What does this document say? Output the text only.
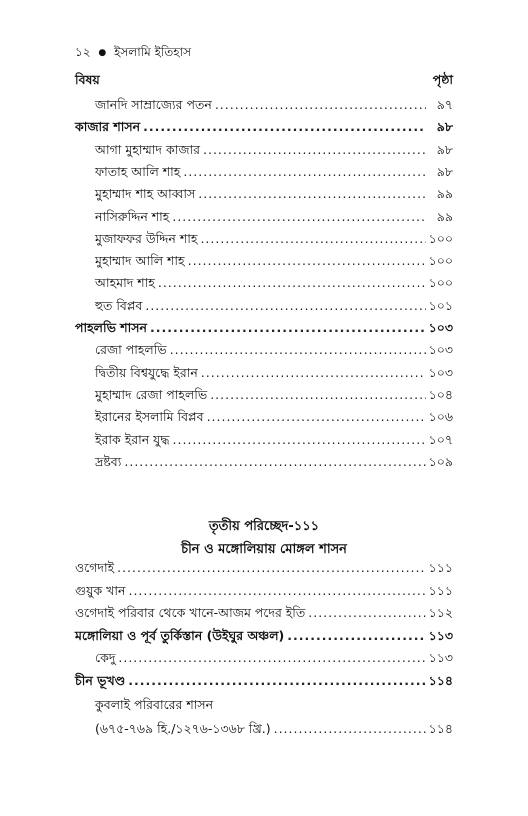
১২ ● ইসলামি ইতিহাস
বিষয়	পৃষ্ঠা
জানদি সাম্রাজ্যের পতন .....	৯৭
কাজার শাসন .....	৯৮
আগা মুহাম্মাদ কাজার .....	৯৮
ফাতাহ আলি শাহ .....	৯৮
মুহাম্মাদ শাহ আব্বাস .....	৯৯
নাসিরুদ্দিন শাহ .....	৯৯
মুজাফফর উদ্দিন শাহ .....	১০০
মুহাম্মাদ আলি শাহ .....	১০০
আহমাদ শাহ .....	১০০
হুত বিপ্লব .....	১০১
পাহলভি শাসন .....	১০৩
রেজা পাহলভি .....	১০৩
দ্বিতীয় বিশ্বযুদ্ধে ইরান .....	১০৩
মুহাম্মাদ রেজা পাহলভি .....	১০৪
ইরানের ইসলামি বিপ্লব .....	১০৬
ইরাক ইরান যুদ্ধ .....	১০৭
দ্রষ্টব্য .....	১০৯
তৃতীয় পরিচ্ছেদ-১১১
চীন ও মঙ্গোলিয়ায় মোঙ্গল শাসন
ওগেদাই .....	১১১
গুয়ুক খান .....	১১১
ওগেদাই পরিবার থেকে খানে-আজম পদের ইতি .....	১১২
মঙ্গোলিয়া ও পূর্ব তুর্কিস্তান (উইঘুর অঞ্চল) .....	১১৩
কেদু .....	১১৩
চীন ভূখণ্ড .....	১১৪
কুবলাই পরিবারের শাসন
(৬৭৫-৭৬৯ হি./১২৭৬-১৩৬৮ খ্রি.) .....	১১৪
